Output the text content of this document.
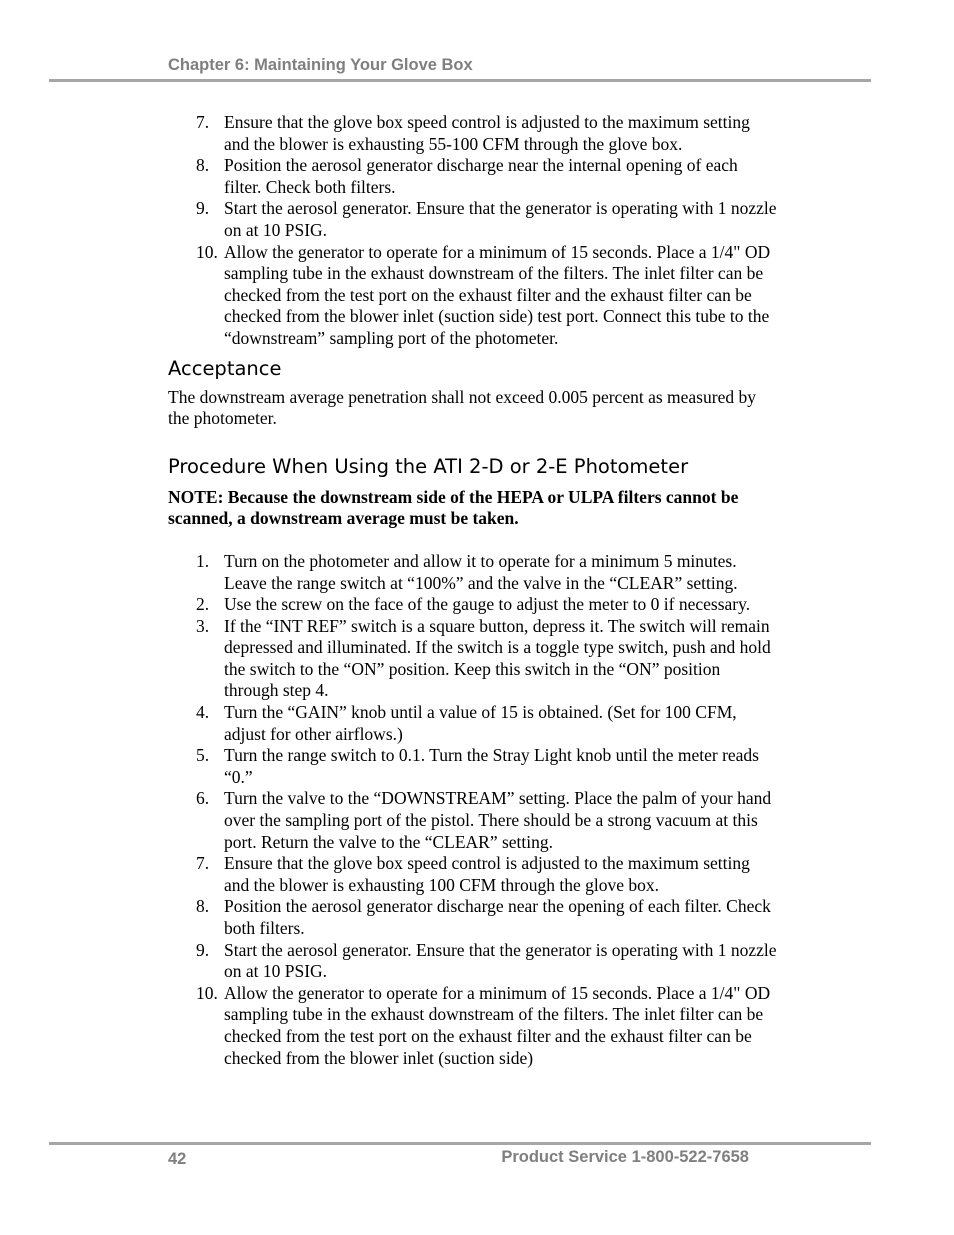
Chapter 6: Maintaining Your Glove Box
7. Ensure that the glove box speed control is adjusted to the maximum setting and the blower is exhausting 55-100 CFM through the glove box.
8. Position the aerosol generator discharge near the internal opening of each filter. Check both filters.
9. Start the aerosol generator. Ensure that the generator is operating with 1 nozzle on at 10 PSIG.
10. Allow the generator to operate for a minimum of 15 seconds. Place a 1/4" OD sampling tube in the exhaust downstream of the filters. The inlet filter can be checked from the test port on the exhaust filter and the exhaust filter can be checked from the blower inlet (suction side) test port. Connect this tube to the “downstream” sampling port of the photometer.
Acceptance

The downstream average penetration shall not exceed 0.005 percent as measured by the photometer.

Procedure When Using the ATI 2-D or 2-E Photometer

NOTE: Because the downstream side of the HEPA or ULPA filters cannot be scanned, a downstream average must be taken.

1. Turn on the photometer and allow it to operate for a minimum 5 minutes. Leave the range switch at “100%” and the valve in the “CLEAR” setting.
2. Use the screw on the face of the gauge to adjust the meter to 0 if necessary.
3. If the “INT REF” switch is a square button, depress it. The switch will remain depressed and illuminated. If the switch is a toggle type switch, push and hold the switch to the “ON” position. Keep this switch in the “ON” position through step 4.
4. Turn the “GAIN” knob until a value of 15 is obtained. (Set for 100 CFM, adjust for other airflows.)
5. Turn the range switch to 0.1. Turn the Stray Light knob until the meter reads “0.”
6. Turn the valve to the “DOWNSTREAM” setting. Place the palm of your hand over the sampling port of the pistol. There should be a strong vacuum at this port. Return the valve to the “CLEAR” setting.
7. Ensure that the glove box speed control is adjusted to the maximum setting and the blower is exhausting 100 CFM through the glove box.
8. Position the aerosol generator discharge near the opening of each filter. Check both filters.
9. Start the aerosol generator. Ensure that the generator is operating with 1 nozzle on at 10 PSIG.
10. Allow the generator to operate for a minimum of 15 seconds. Place a 1/4" OD sampling tube in the exhaust downstream of the filters. The inlet filter can be checked from the test port on the exhaust filter and the exhaust filter can be checked from the blower inlet (suction side)
42	Product Service 1-800-522-7658
